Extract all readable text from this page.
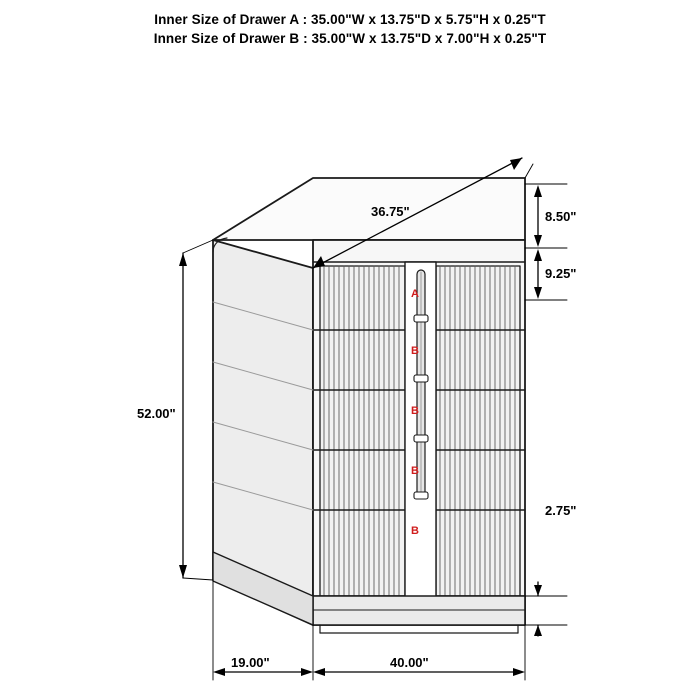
Inner Size of Drawer A : 35.00"W x 13.75"D x 5.75"H x 0.25"T
Inner Size of Drawer B : 35.00"W x 13.75"D x 7.00"H x 0.25"T
36.75"
52.00"
8.50"
9.25"
2.75"
19.00"	40.00"
A
B
B
B
B
